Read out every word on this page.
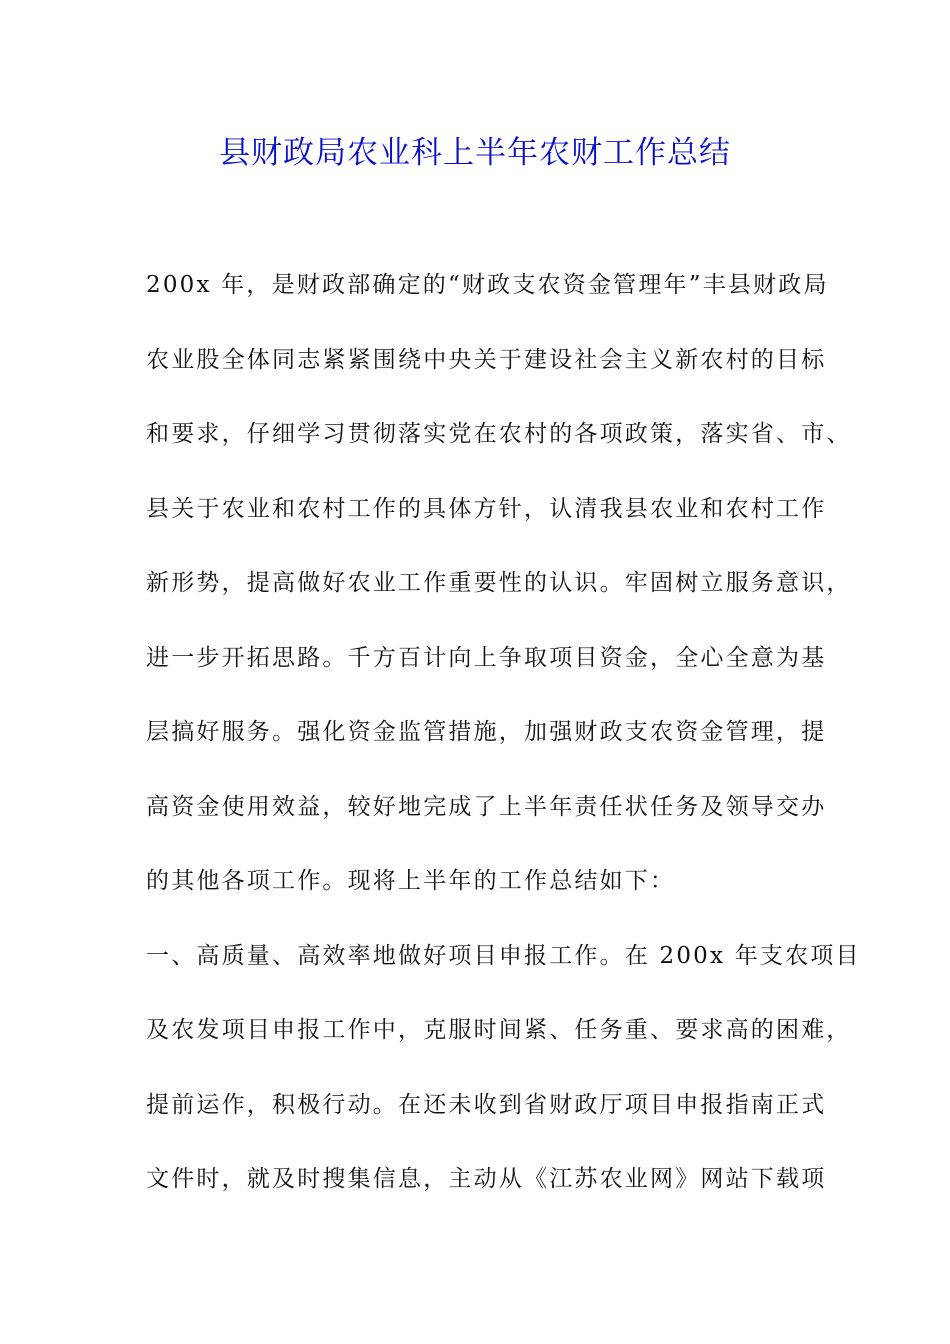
县财政局农业科上半年农财工作总结
200x 年，是财政部确定的“财政支农资金管理年”丰县财政局
农业股全体同志紧紧围绕中央关于建设社会主义新农村的目标
和要求，仔细学习贯彻落实党在农村的各项政策，落实省、市、
县关于农业和农村工作的具体方针，认清我县农业和农村工作
新形势，提高做好农业工作重要性的认识。牢固树立服务意识，
进一步开拓思路。千方百计向上争取项目资金，全心全意为基
层搞好服务。强化资金监管措施，加强财政支农资金管理，提
高资金使用效益，较好地完成了上半年责任状任务及领导交办
的其他各项工作。现将上半年的工作总结如下：
一、高质量、高效率地做好项目申报工作。在 200x 年支农项目
及农发项目申报工作中，克服时间紧、任务重、要求高的困难，
提前运作，积极行动。在还未收到省财政厅项目申报指南正式
文件时，就及时搜集信息，主动从《江苏农业网》网站下载项
